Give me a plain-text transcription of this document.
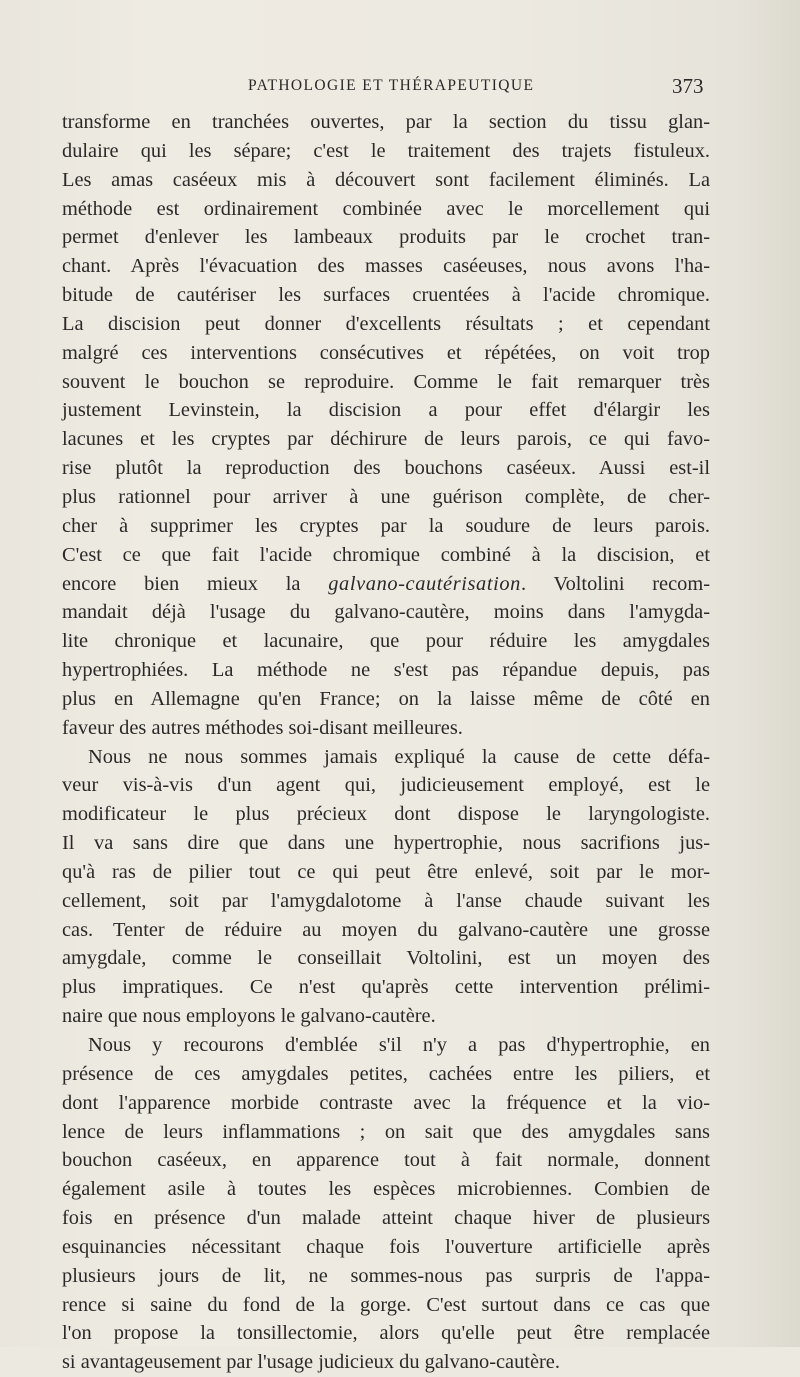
PATHOLOGIE ET THÉRAPEUTIQUE	373
transforme en tranchées ouvertes, par la section du tissu glan-
dulaire qui les sépare; c'est le traitement des trajets fistuleux.
Les amas caséeux mis à découvert sont facilement éliminés. La
méthode est ordinairement combinée avec le morcellement qui
permet d'enlever les lambeaux produits par le crochet tran-
chant. Après l'évacuation des masses caséeuses, nous avons l'ha-
bitude de cautériser les surfaces cruentées à l'acide chromique.
La discision peut donner d'excellents résultats ; et cependant
malgré ces interventions consécutives et répétées, on voit trop
souvent le bouchon se reproduire. Comme le fait remarquer très
justement Levinstein, la discision a pour effet d'élargir les
lacunes et les cryptes par déchirure de leurs parois, ce qui favo-
rise plutôt la reproduction des bouchons caséeux. Aussi est-il
plus rationnel pour arriver à une guérison complète, de cher-
cher à supprimer les cryptes par la soudure de leurs parois.
C'est ce que fait l'acide chromique combiné à la discision, et
encore bien mieux la galvano-cautérisation. Voltolini recom-
mandait déjà l'usage du galvano-cautère, moins dans l'amygda-
lite chronique et lacunaire, que pour réduire les amygdales
hypertrophiées. La méthode ne s'est pas répandue depuis, pas
plus en Allemagne qu'en France; on la laisse même de côté en
faveur des autres méthodes soi-disant meilleures.
Nous ne nous sommes jamais expliqué la cause de cette défa-
veur vis-à-vis d'un agent qui, judicieusement employé, est le
modificateur le plus précieux dont dispose le laryngologiste.
Il va sans dire que dans une hypertrophie, nous sacrifions jus-
qu'à ras de pilier tout ce qui peut être enlevé, soit par le mor-
cellement, soit par l'amygdalotome à l'anse chaude suivant les
cas. Tenter de réduire au moyen du galvano-cautère une grosse
amygdale, comme le conseillait Voltolini, est un moyen des
plus impratiques. Ce n'est qu'après cette intervention prélimi-
naire que nous employons le galvano-cautère.
Nous y recourons d'emblée s'il n'y a pas d'hypertrophie, en
présence de ces amygdales petites, cachées entre les piliers, et
dont l'apparence morbide contraste avec la fréquence et la vio-
lence de leurs inflammations ; on sait que des amygdales sans
bouchon caséeux, en apparence tout à fait normale, donnent
également asile à toutes les espèces microbiennes. Combien de
fois en présence d'un malade atteint chaque hiver de plusieurs
esquinancies nécessitant chaque fois l'ouverture artificielle après
plusieurs jours de lit, ne sommes-nous pas surpris de l'appa-
rence si saine du fond de la gorge. C'est surtout dans ce cas que
l'on propose la tonsillectomie, alors qu'elle peut être remplacée
si avantageusement par l'usage judicieux du galvano-cautère.
